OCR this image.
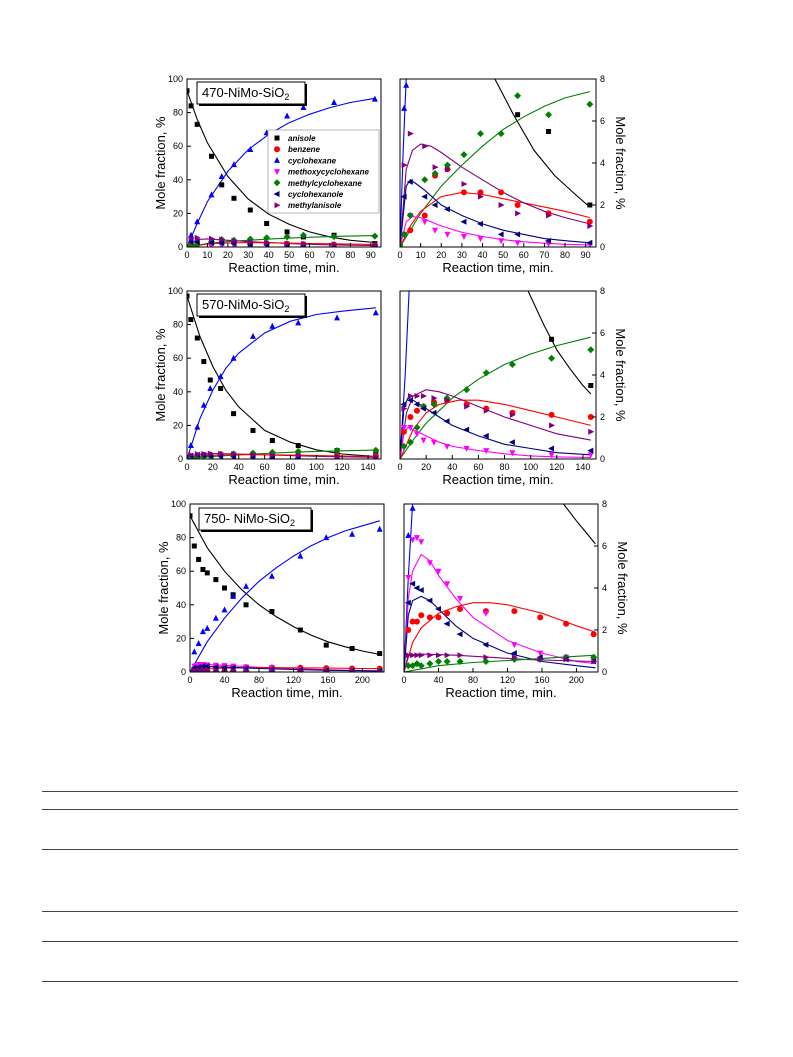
0 10 20 30 40 50 60 70 80 90
0
20
40
60
80
100
Reaction time, min.
Mole fraction, %
470-NiMo-SiO$_2$
anisole
benzene
cyclohexane
methoxycyclohexane
methylcyclohexane
cyclohexanole
methylanisole
0 10 20 30 40 50 60 70 80 90
0
2
4
6
8
Reaction time, min.
Mole fraction, %
0 20 40 60 80 100 120 140
0
20
40
60
80
100
Reaction time, min.
Mole fraction, %
570-NiMo-SiO$_2$
0 20 40 60 80 100 120 140
0
2
4
6
8
Reaction time, min.
Mole fraction, %
0	40	80 120 160 200
0
20
40
60
80
100
Reaction time, min.
Mole fraction, %
750- NiMo-SiO$_2$
0	40	80 120 160 200
0
2
4
6
8
Reaction time, min.
Mole fraction, %
